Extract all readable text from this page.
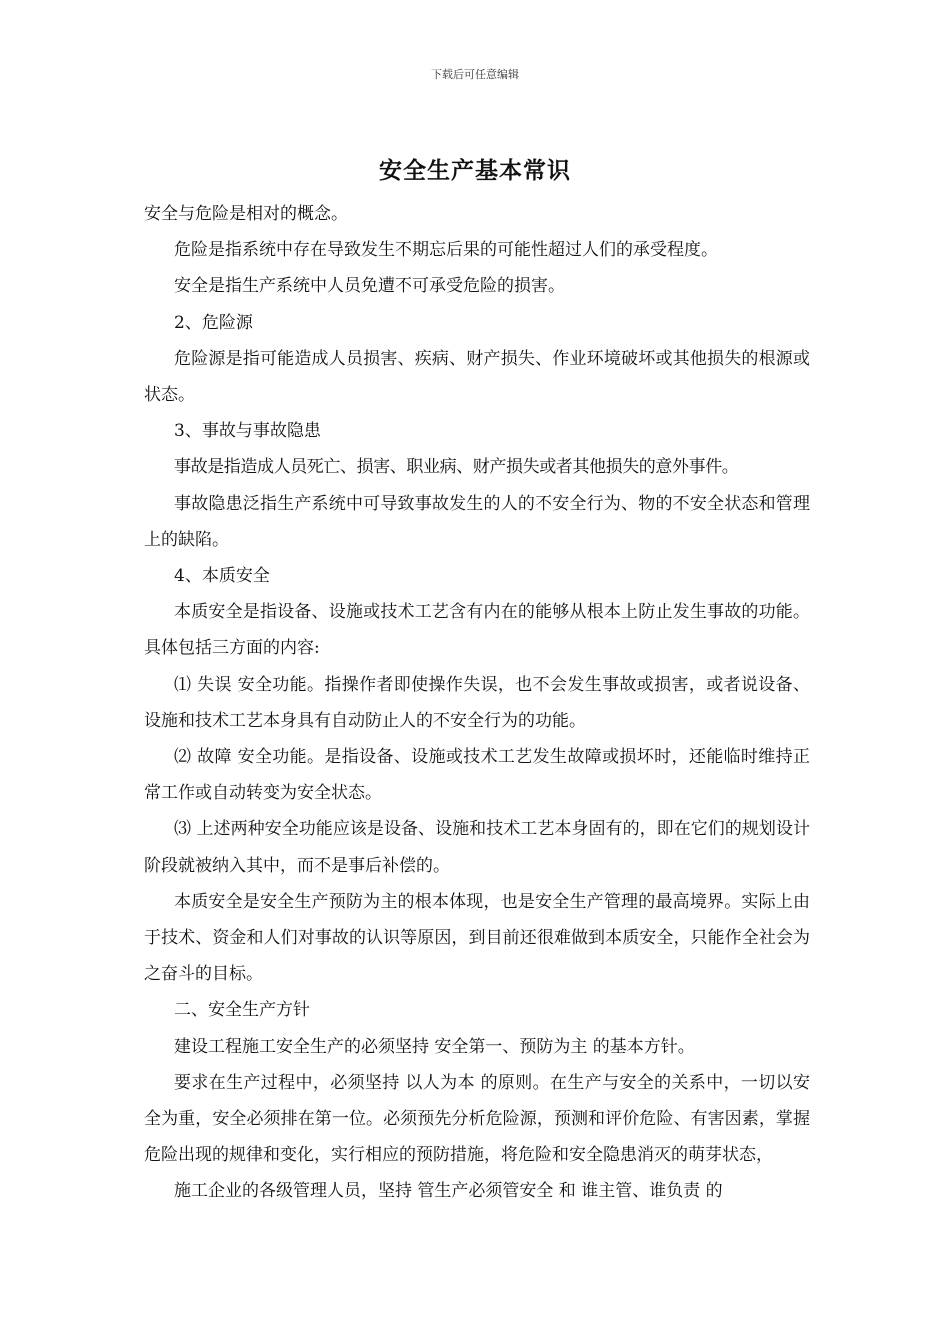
下载后可任意编辑
安全生产基本常识

安全与危险是相对的概念。

危险是指系统中存在导致发生不期忘后果的可能性超过人们的承受程度。

安全是指生产系统中人员免遭不可承受危险的损害。

2、危险源

危险源是指可能造成人员损害、疾病、财产损失、作业环境破坏或其他损失的根源或状态。

3、事故与事故隐患

事故是指造成人员死亡、损害、职业病、财产损失或者其他损失的意外事件。

事故隐患泛指生产系统中可导致事故发生的人的不安全行为、物的不安全状态和管理上的缺陷。

4、本质安全

本质安全是指设备、设施或技术工艺含有内在的能够从根本上防止发生事故的功能。具体包括三方面的内容:

⑴ 失误 安全功能。指操作者即使操作失误，也不会发生事故或损害，或者说设备、设施和技术工艺本身具有自动防止人的不安全行为的功能。

⑵ 故障 安全功能。是指设备、设施或技术工艺发生故障或损坏时，还能临时维持正常工作或自动转变为安全状态。

⑶ 上述两种安全功能应该是设备、设施和技术工艺本身固有的，即在它们的规划设计阶段就被纳入其中，而不是事后补偿的。

本质安全是安全生产预防为主的根本体现，也是安全生产管理的最高境界。实际上由于技术、资金和人们对事故的认识等原因，到目前还很难做到本质安全，只能作全社会为之奋斗的目标。

二、安全生产方针

建设工程施工安全生产的必须坚持 安全第一、预防为主 的基本方针。

要求在生产过程中，必须坚持 以人为本 的原则。在生产与安全的关系中，一切以安全为重，安全必须排在第一位。必须预先分析危险源，预测和评价危险、有害因素，掌握危险出现的规律和变化，实行相应的预防措施，将危险和安全隐患消灭的萌芽状态，

施工企业的各级管理人员，坚持 管生产必须管安全 和 谁主管、谁负责 的
